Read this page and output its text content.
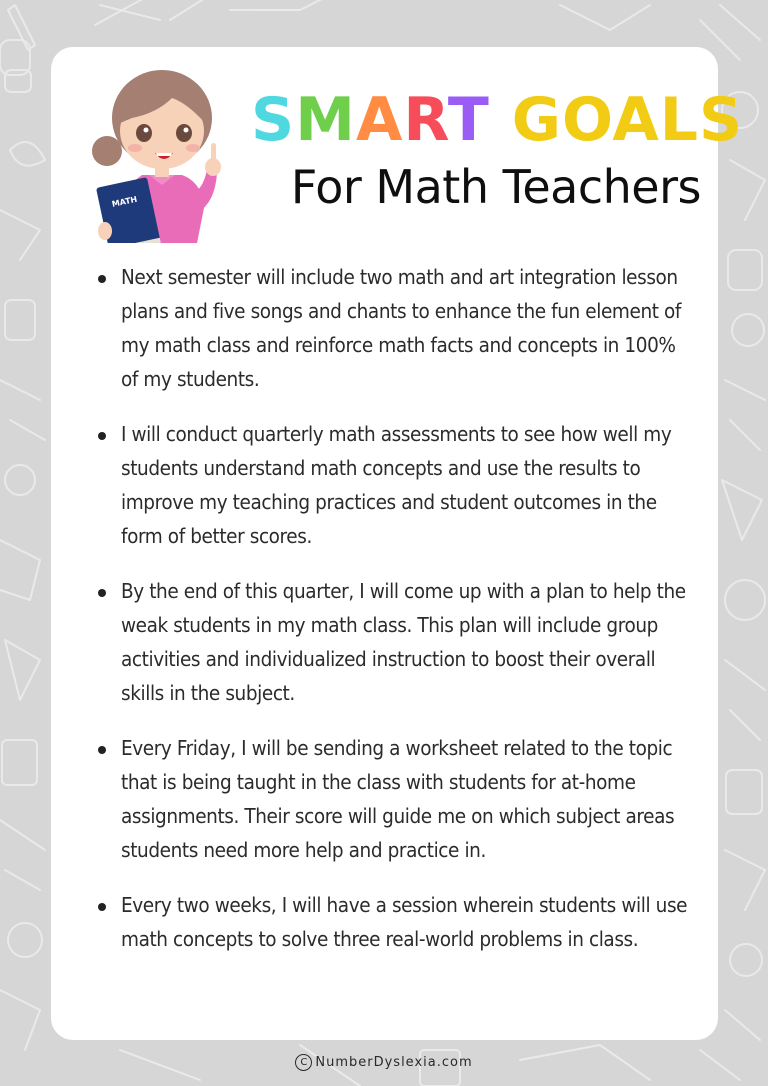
MATH
SMART GOALS
For Math Teachers
Next semester will include two math and art integration lesson plans and five songs and chants to enhance the fun element of my math class and reinforce math facts and concepts in 100% of my students.
I will conduct quarterly math assessments to see how well my students understand math concepts and use the results to improve my teaching practices and student outcomes in the form of better scores.
By the end of this quarter, I will come up with a plan to help the weak students in my math class. This plan will include group activities and individualized instruction to boost their overall skills in the subject.
Every Friday, I will be sending a worksheet related to the topic that is being taught in the class with students for at-home assignments. Their score will guide me on which subject areas students need more help and practice in.
Every two weeks, I will have a session wherein students will use math concepts to solve three real-world problems in class.
C NumberDyslexia.com
